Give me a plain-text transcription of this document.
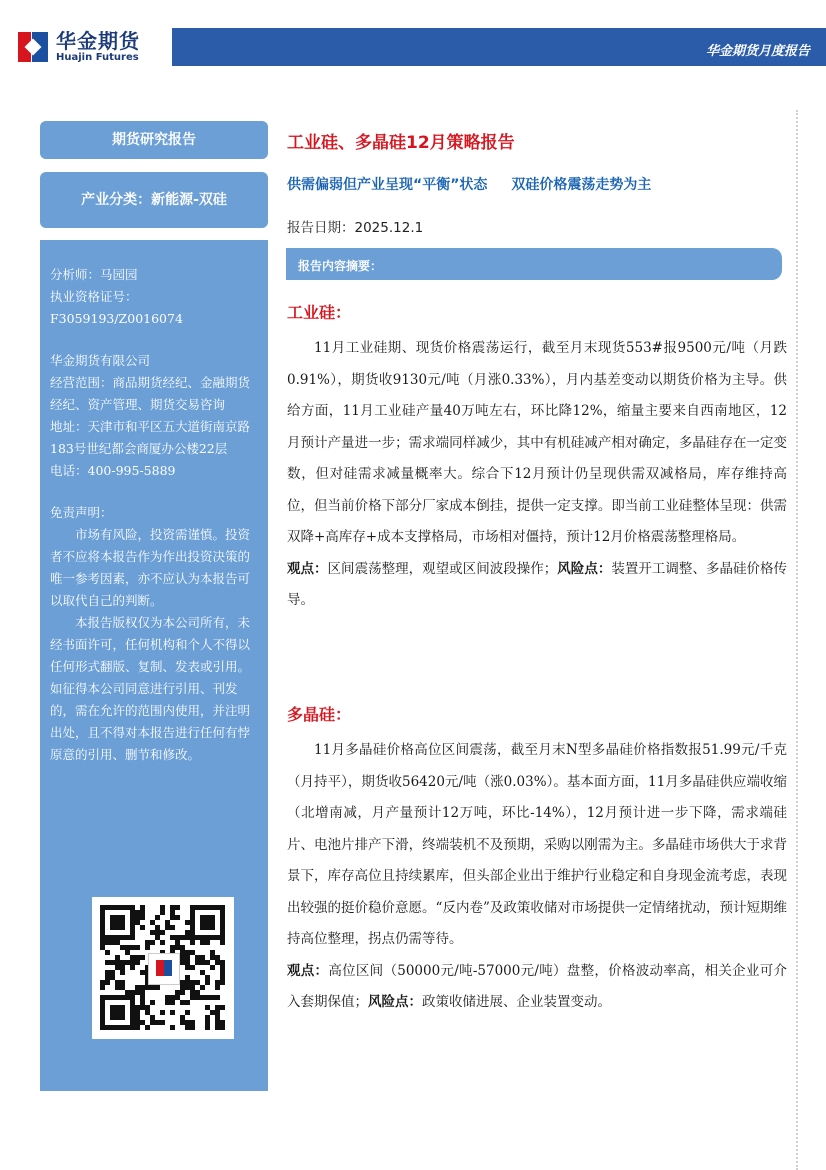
华金期货
Huajin Futures	华金期货月度报告
期货研究报告
产业分类：新能源-双硅

分析师：马园园

执业资格证号：

F3059193/Z0016074

华金期货有限公司

经营范围：商品期货经纪、金融期货经纪、资产管理、期货交易咨询

地址：天津市和平区五大道街南京路183号世纪都会商厦办公楼22层

电话：400-995-5889

免责声明：

市场有风险，投资需谨慎。投资者不应将本报告作为作出投资决策的唯一参考因素，亦不应认为本报告可以取代自己的判断。

本报告版权仅为本公司所有，未经书面许可，任何机构和个人不得以任何形式翻版、复制、发表或引用。如征得本公司同意进行引用、刊发的，需在允许的范围内使用，并注明出处，且不得对本报告进行任何有悖原意的引用、删节和修改。

工业硅、多晶硅12月策略报告
供需偏弱但产业呈现“平衡”状态 双硅价格震荡走势为主
报告日期：2025.12.1
报告内容摘要：
工业硅：

11月工业硅期、现货价格震荡运行，截至月末现货553#报9500元/吨（月跌0.91%），期货收9130元/吨（月涨0.33%），月内基差变动以期货价格为主导。供给方面，11月工业硅产量40万吨左右，环比降12%，缩量主要来自西南地区，12月预计产量进一步；需求端同样减少，其中有机硅减产相对确定，多晶硅存在一定变数，但对硅需求减量概率大。综合下12月预计仍呈现供需双减格局，库存维持高位，但当前价格下部分厂家成本倒挂，提供一定支撑。即当前工业硅整体呈现：供需双降+高库存+成本支撑格局，市场相对僵持，预计12月价格震荡整理格局。

观点：区间震荡整理，观望或区间波段操作；风险点：装置开工调整、多晶硅价格传导。

多晶硅：

11月多晶硅价格高位区间震荡，截至月末N型多晶硅价格指数报51.99元/千克（月持平），期货收56420元/吨（涨0.03%）。基本面方面，11月多晶硅供应端收缩（北增南减，月产量预计12万吨，环比-14%），12月预计进一步下降，需求端硅片、电池片排产下滑，终端装机不及预期，采购以刚需为主。多晶硅市场供大于求背景下，库存高位且持续累库，但头部企业出于维护行业稳定和自身现金流考虑，表现出较强的挺价稳价意愿。“反内卷”及政策收储对市场提供一定情绪扰动，预计短期维持高位整理，拐点仍需等待。

观点：高位区间（50000元/吨-57000元/吨）盘整，价格波动率高，相关企业可介入套期保值；风险点：政策收储进展、企业装置变动。
